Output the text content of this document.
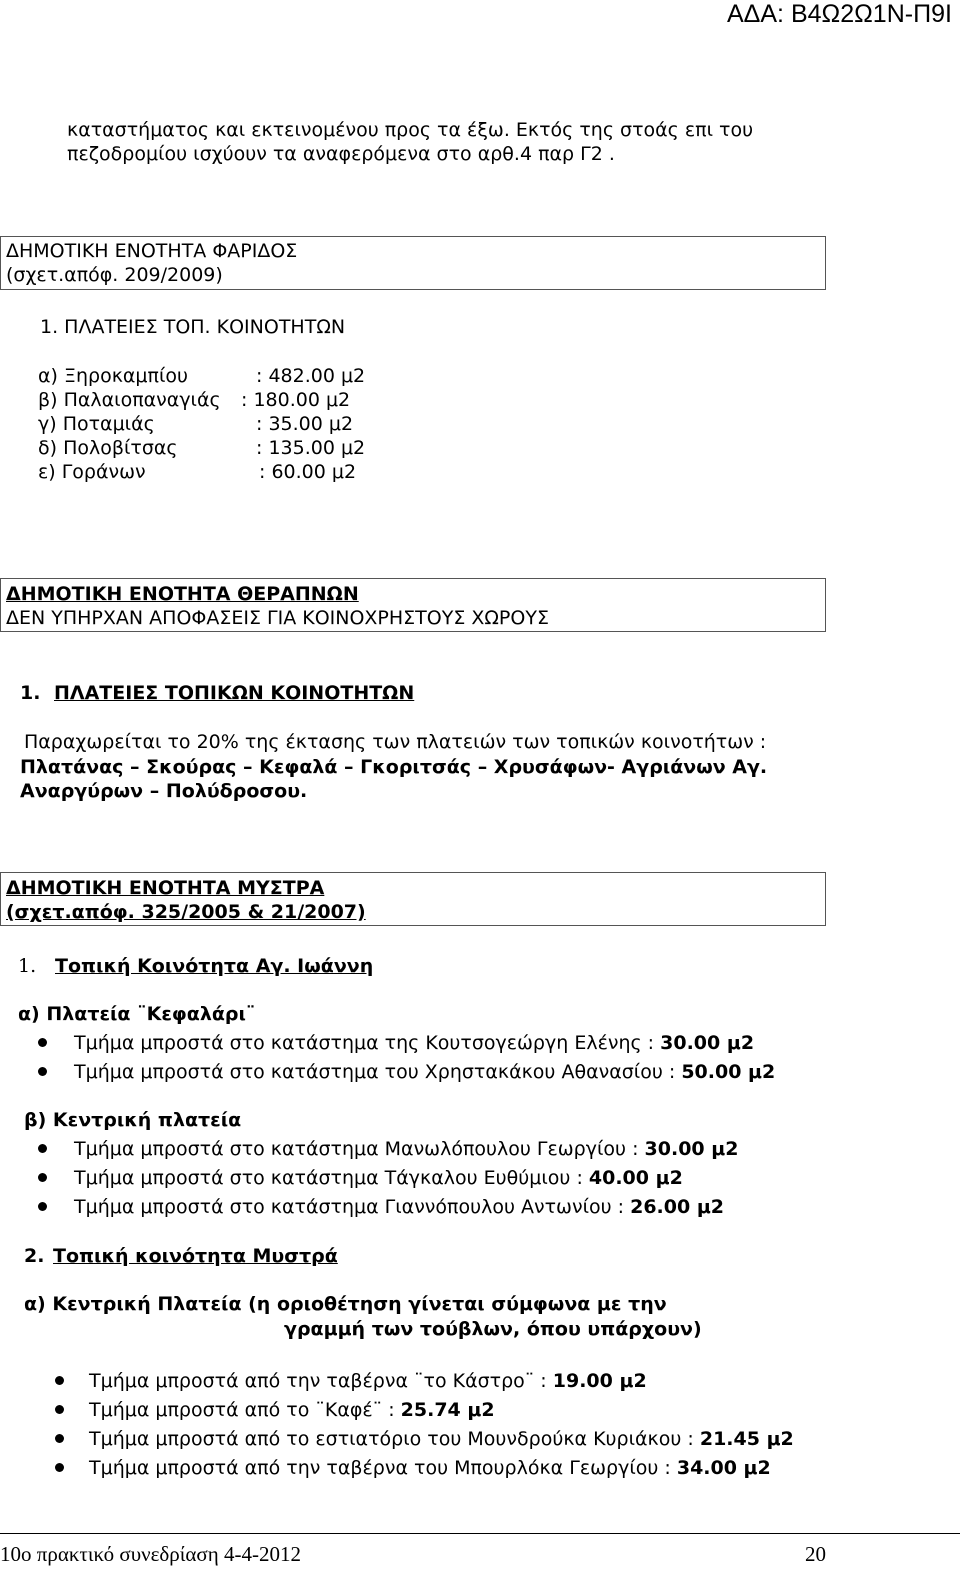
ΑΔΑ: Β4Ω2Ω1Ν-Π9Ι
καταστήματος και εκτεινομένου προς τα έξω. Εκτός της στοάς επι του
πεζοδρομίου ισχύουν τα αναφερόμενα στο αρθ.4 παρ Γ2 .
ΔΗΜΟΤΙΚΗ ΕΝΟΤΗΤΑ ΦΑΡΙΔΟΣ
(σχετ.απόφ. 209/2009)
1. ΠΛΑΤΕΙΕΣ ΤΟΠ. ΚΟΙΝΟΤΗΤΩΝ
α) Ξηροκαμπίου	: 482.00 μ2
β) Παλαιοπαναγιάς : 180.00 μ2
γ) Ποταμιάς	: 35.00 μ2
δ) Πολοβίτσας	: 135.00 μ2
ε) Γοράνων	: 60.00 μ2
ΔΗΜΟΤΙΚΗ ΕΝΟΤΗΤΑ ΘΕΡΑΠΝΩΝ
ΔΕΝ ΥΠΗΡΧΑΝ ΑΠΟΦΑΣΕΙΣ ΓΙΑ ΚΟΙΝΟΧΡΗΣΤΟΥΣ ΧΩΡΟΥΣ
1. ΠΛΑΤΕΙΕΣ ΤΟΠΙΚΩΝ ΚΟΙΝΟΤΗΤΩΝ
Παραχωρείται το 20% της έκτασης των πλατειών των τοπικών κοινοτήτων :
Πλατάνας – Σκούρας – Κεφαλά – Γκοριτσάς – Χρυσάφων- Αγριάνων Αγ.
Αναργύρων – Πολύδροσου.
ΔΗΜΟΤΙΚΗ ΕΝΟΤΗΤΑ ΜΥΣΤΡΑ
(σχετ.απόφ. 325/2005 & 21/2007)
1. Τοπική Κοινότητα Αγ. Ιωάννη
α) Πλατεία ¨Κεφαλάρι¨
Τμήμα μπροστά στο κατάστημα της Κουτσογεώργη Ελένης : 30.00 μ2
Τμήμα μπροστά στο κατάστημα του Χρηστακάκου Αθανασίου : 50.00 μ2
β) Κεντρική πλατεία
Τμήμα μπροστά στο κατάστημα Μανωλόπουλου Γεωργίου : 30.00 μ2
Τμήμα μπροστά στο κατάστημα Τάγκαλου Ευθύμιου : 40.00 μ2
Τμήμα μπροστά στο κατάστημα Γιαννόπουλου Αντωνίου : 26.00 μ2
2. Τοπική κοινότητα Μυστρά
α) Κεντρική Πλατεία (η οριοθέτηση γίνεται σύμφωνα με την
γραμμή των τούβλων, όπου υπάρχουν)
Τμήμα μπροστά από την ταβέρνα ¨το Κάστρο¨ : 19.00 μ2
Τμήμα μπροστά από το ¨Καφέ¨ : 25.74 μ2
Τμήμα μπροστά από το εστιατόριο του Μουνδρούκα Κυριάκου : 21.45 μ2
Τμήμα μπροστά από την ταβέρνα του Μπουρλόκα Γεωργίου : 34.00 μ2
10ο πρακτικό συνεδρίαση 4-4-2012	20
